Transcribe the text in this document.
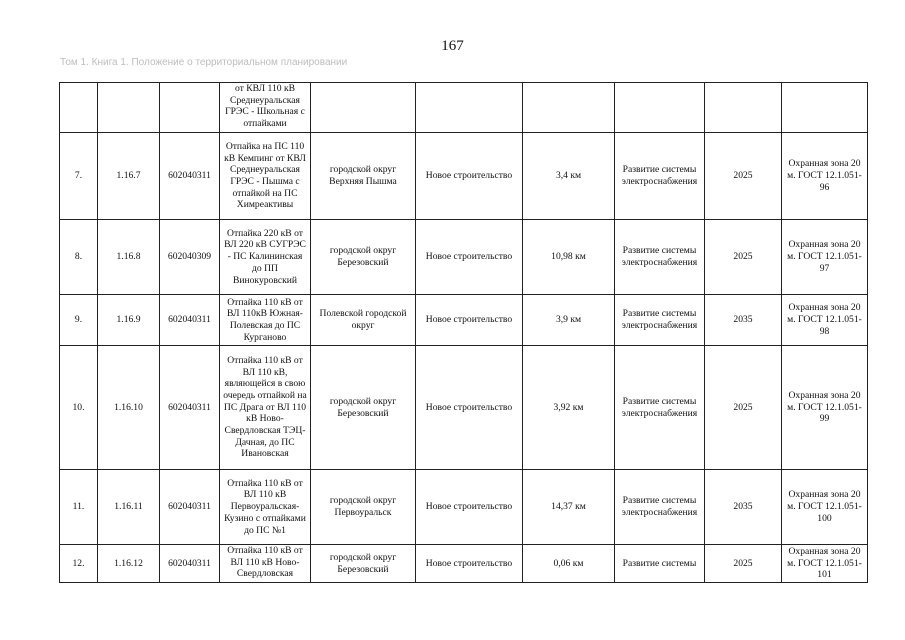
167
Том 1. Книга 1. Положение о территориальном планировании
			от КВЛ 110 кВ Среднеуральская ГРЭС - Школьная с отпайками						
7.	1.16.7	602040311	Отпайка на ПС 110 кВ Кемпинг от КВЛ Среднеуральская ГРЭС - Пышма с отпайкой на ПС Химреактивы	городской округ Верхняя Пышма	Новое строительство	3,4 км	Развитие системы электроснабжения	2025	Охранная зона 20 м. ГОСТ 12.1.051-96
8.	1.16.8	602040309	Отпайка 220 кВ от ВЛ 220 кВ СУГРЭС - ПС Калининская до ПП Винокуровский	городской округ Березовский	Новое строительство	10,98 км	Развитие системы электроснабжения	2025	Охранная зона 20 м. ГОСТ 12.1.051-97
9.	1.16.9	602040311	Отпайка 110 кВ от ВЛ 110кВ Южная-Полевская до ПС Курганово	Полевской городской округ	Новое строительство	3,9 км	Развитие системы электроснабжения	2035	Охранная зона 20 м. ГОСТ 12.1.051-98
10.	1.16.10	602040311	Отпайка 110 кВ от ВЛ 110 кВ, являющейся в свою очередь отпайкой на ПС Драга от ВЛ 110 кВ Ново-Свердловская ТЭЦ-Дачная, до ПС Ивановская	городской округ Березовский	Новое строительство	3,92 км	Развитие системы электроснабжения	2025	Охранная зона 20 м. ГОСТ 12.1.051-99
11.	1.16.11	602040311	Отпайка 110 кВ от ВЛ 110 кВ Первоуральская-Кузино с отпайками до ПС №1	городской округ Первоуральск	Новое строительство	14,37 км	Развитие системы электроснабжения	2035	Охранная зона 20 м. ГОСТ 12.1.051-100
12.	1.16.12	602040311	Отпайка 110 кВ от ВЛ 110 кВ Ново-Свердловская	городской округ Березовский	Новое строительство	0,06 км	Развитие системы	2025	Охранная зона 20 м. ГОСТ 12.1.051-101
